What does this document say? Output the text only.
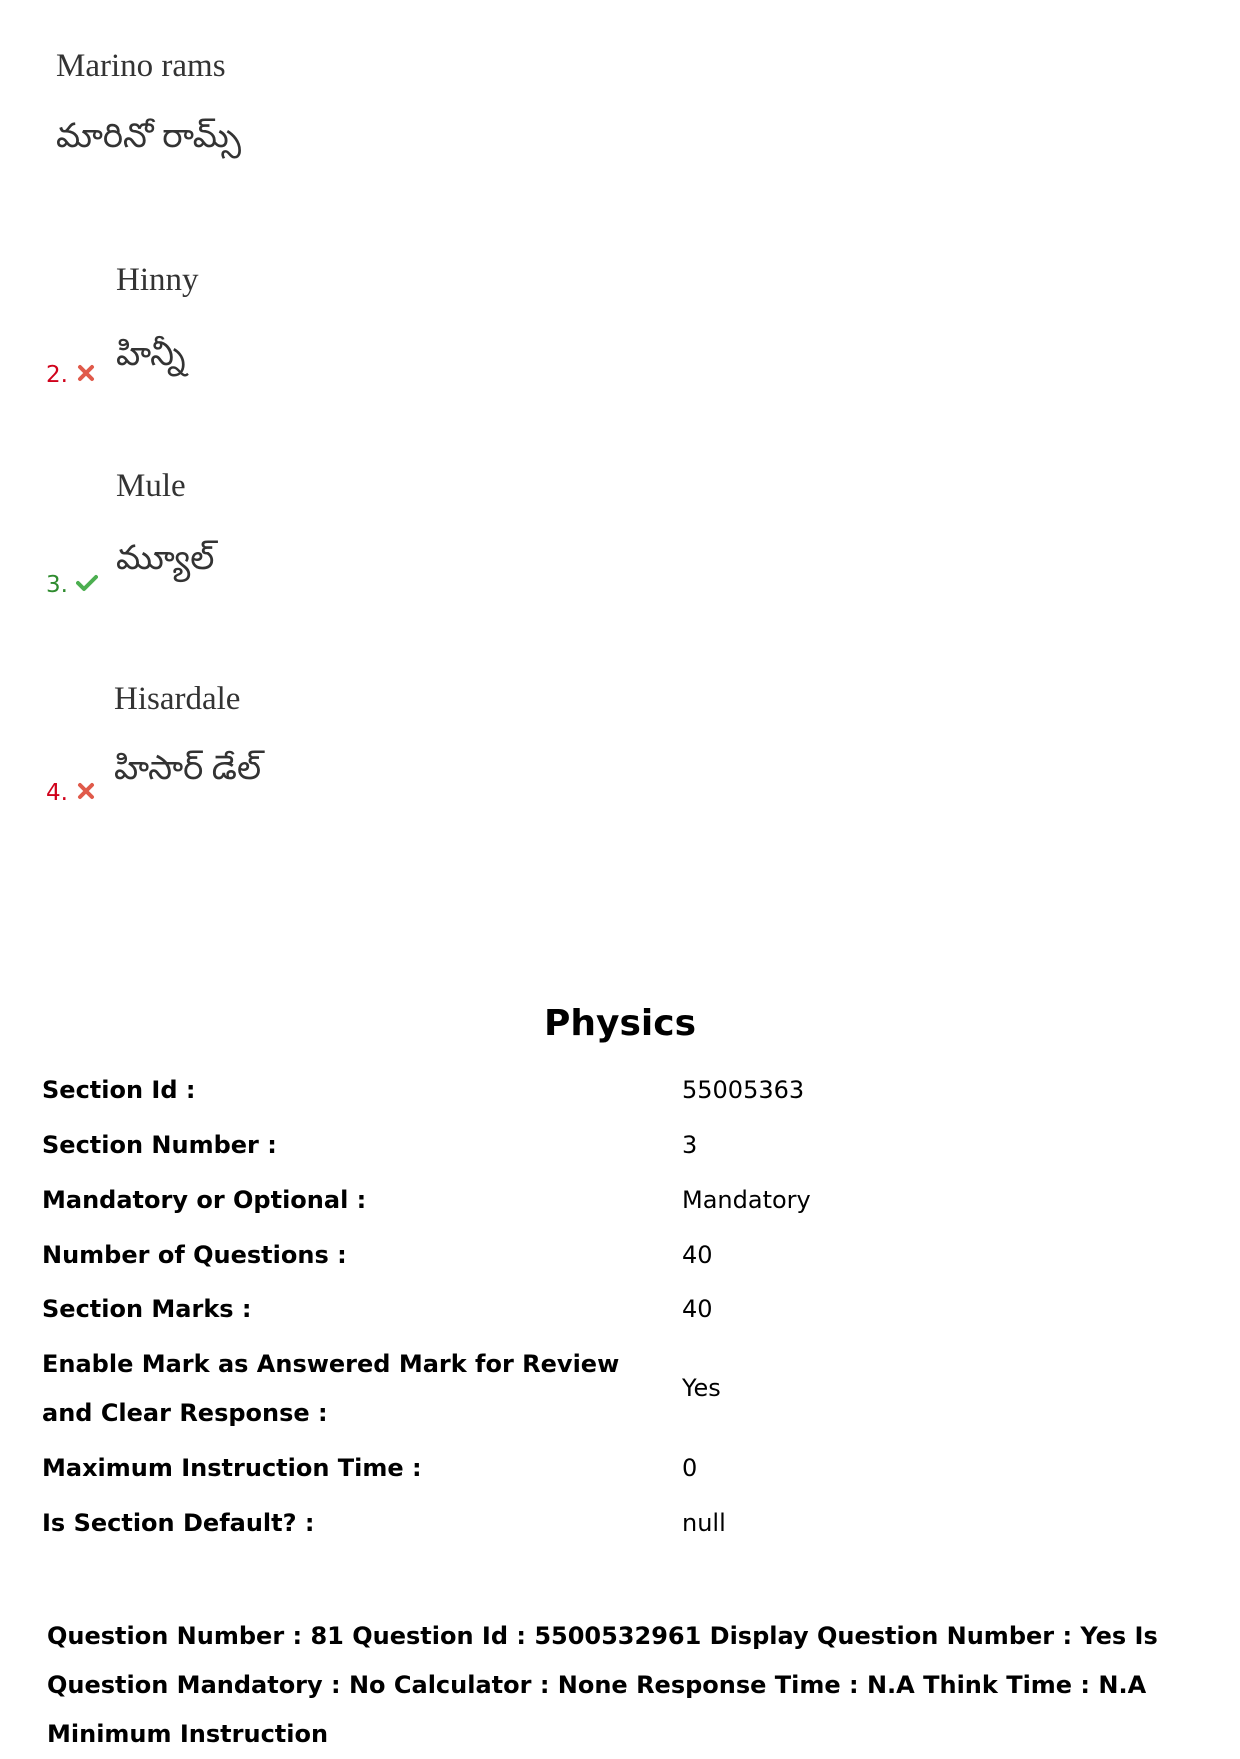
Marino rams
మారినో రామ్స్
Hinny
హిన్నీ
2.
Mule
మ్యూల్
3.
Hisardale
హిసార్ డేల్
4.
Physics
Section Id :	55005363
Section Number :	3
Mandatory or Optional :	Mandatory
Number of Questions :	40
Section Marks :	40
Enable Mark as Answered Mark for Review and Clear Response :
Yes
Maximum Instruction Time :	0
Is Section Default? :	null
Question Number : 81 Question Id : 5500532961 Display Question Number : Yes Is Question Mandatory : No Calculator : None Response Time : N.A Think Time : N.A Minimum Instruction
